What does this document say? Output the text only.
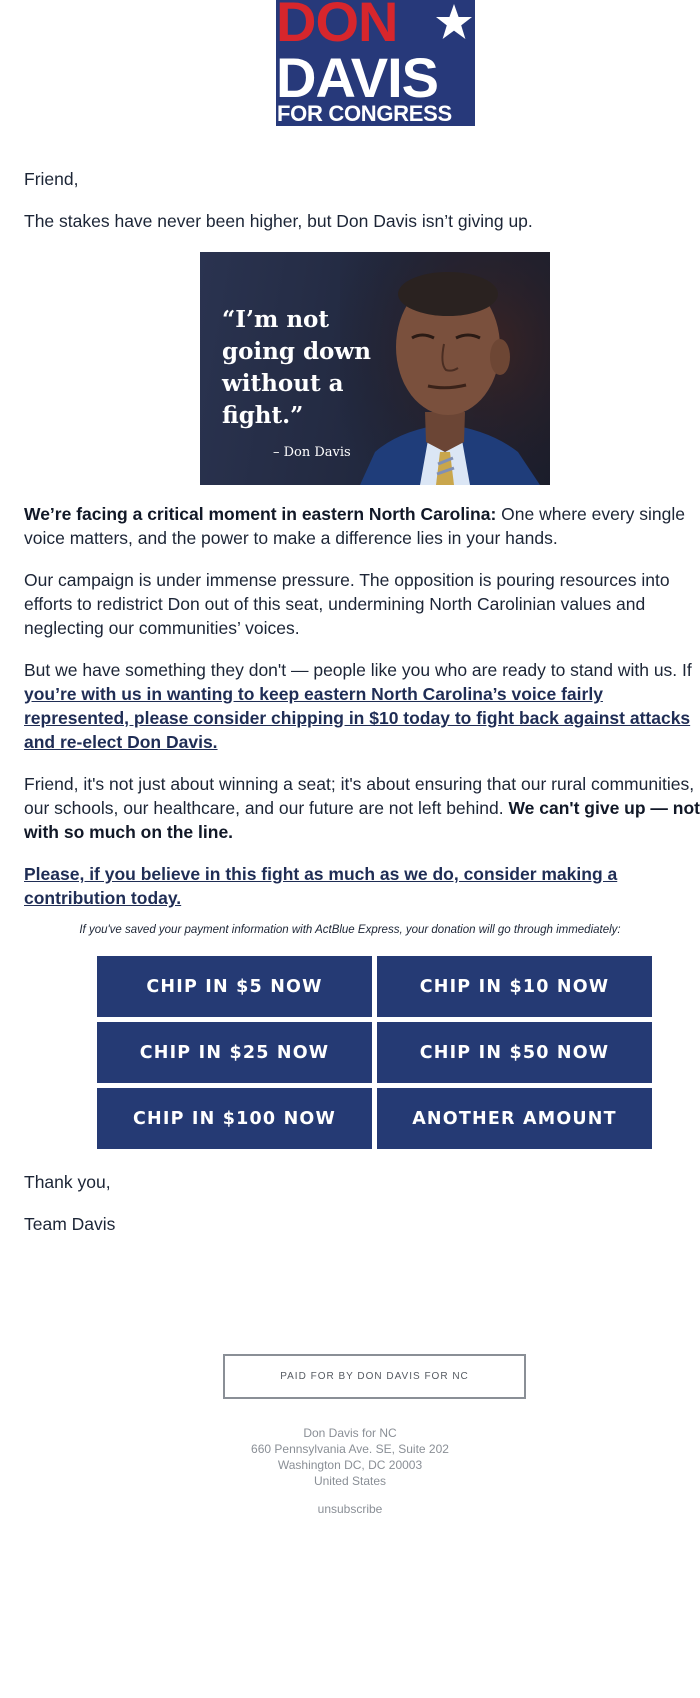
DON
DAVIS
FOR CONGRESS

Friend,

The stakes have never been higher, but Don Davis isn’t giving up.

“I’m not
going down
without a
fight.”
– Don Davis

We’re facing a critical moment in eastern North Carolina: One where every single

voice matters, and the power to make a difference lies in your hands.

Our campaign is under immense pressure. The opposition is pouring resources into

efforts to redistrict Don out of this seat, undermining North Carolinian values and

neglecting our communities’ voices.

But we have something they don't — people like you who are ready to stand with us. If

you’re with us in wanting to keep eastern North Carolina’s voice fairly

represented, please consider chipping in $10 today to fight back against attacks

and re-elect Don Davis.

Friend, it's not just about winning a seat; it's about ensuring that our rural communities,

our schools, our healthcare, and our future are not left behind. We can't give up — not

with so much on the line.

Please, if you believe in this fight as much as we do, consider making a

contribution today.

If you've saved your payment information with ActBlue Express, your donation will go through immediately:
CHIP IN $5 NOW	CHIP IN $10 NOW
CHIP IN $25 NOW	CHIP IN $50 NOW
CHIP IN $100 NOW	ANOTHER AMOUNT

Thank you,

Team Davis

PAID FOR BY DON DAVIS FOR NC
Don Davis for NC
660 Pennsylvania Ave. SE, Suite 202
Washington DC, DC 20003
United States
unsubscribe
